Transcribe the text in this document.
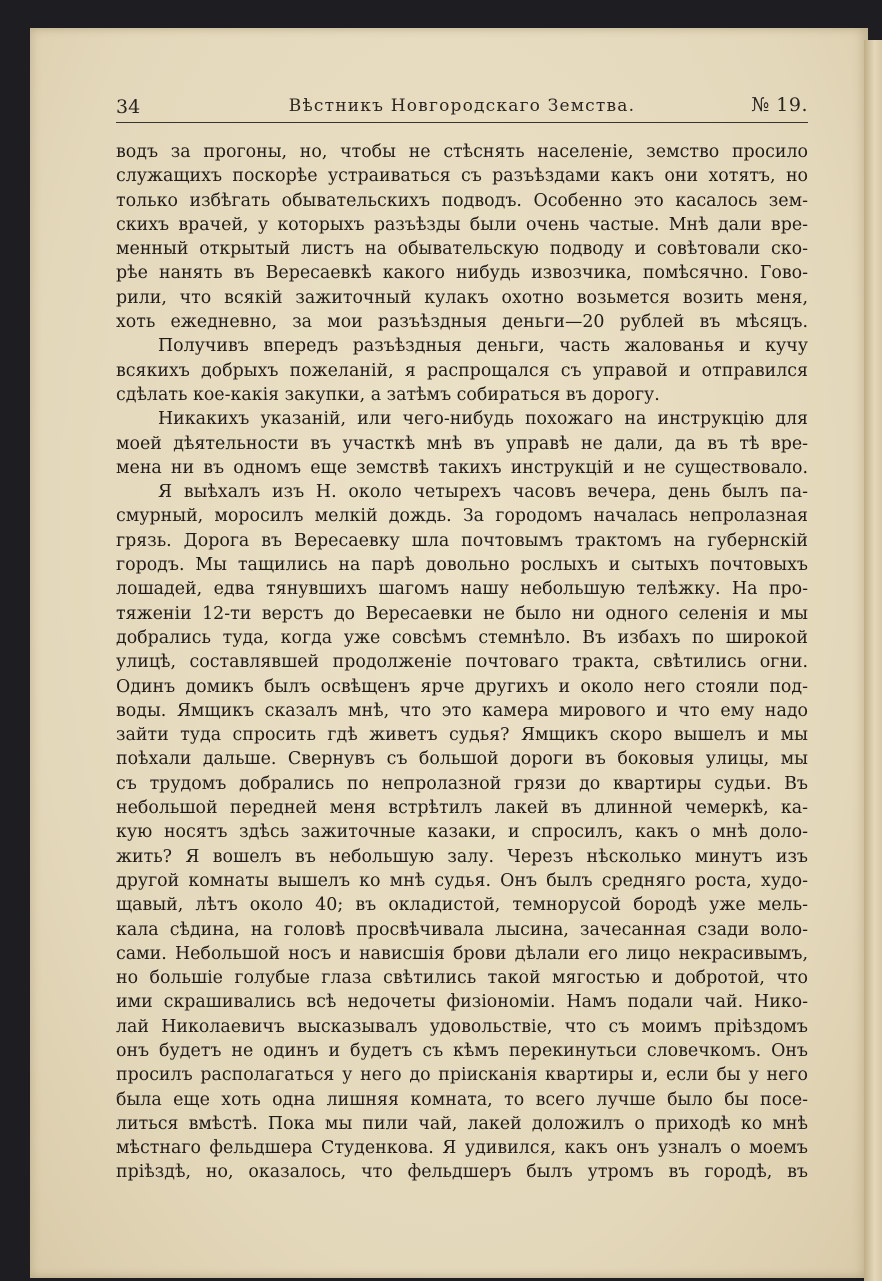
34	Вѣстникъ Новгородскаго Земства.	№ 19.
водъ за прогоны, но, чтобы не стѣснять населеніе, земство просило
служащихъ поскорѣе устраиваться съ разъѣздами какъ они хотятъ, но
только избѣгать обывательскихъ подводъ. Особенно это касалось зем-
скихъ врачей, у которыхъ разъѣзды были очень частые. Мнѣ дали вре-
менный открытый листъ на обывательскую подводу и совѣтовали ско-
рѣе нанять въ Вересаевкѣ какого нибудь извозчика, помѣсячно. Гово-
рили, что всякій зажиточный кулакъ охотно возьмется возить меня,
хоть ежедневно, за мои разъѣздныя деньги—20 рублей въ мѣсяцъ.
Получивъ впередъ разъѣздныя деньги, часть жалованья и кучу
всякихъ добрыхъ пожеланій, я распрощался съ управой и отправился
сдѣлать кое-какія закупки, а затѣмъ собираться въ дорогу.
Никакихъ указаній, или чего-нибудь похожаго на инструкцію для
моей дѣятельности въ участкѣ мнѣ въ управѣ не дали, да въ тѣ вре-
мена ни въ одномъ еще земствѣ такихъ инструкцій и не существовало.
Я выѣхалъ изъ Н. около четырехъ часовъ вечера, день былъ па-
смурный, моросилъ мелкій дождь. За городомъ началась непролазная
грязь. Дорога въ Вересаевку шла почтовымъ трактомъ на губернскій
городъ. Мы тащились на парѣ довольно рослыхъ и сытыхъ почтовыхъ
лошадей, едва тянувшихъ шагомъ нашу небольшую телѣжку. На про-
тяженіи 12-ти верстъ до Вересаевки не было ни одного селенія и мы
добрались туда, когда уже совсѣмъ стемнѣло. Въ избахъ по широкой
улицѣ, составлявшей продолженіе почтоваго тракта, свѣтились огни.
Одинъ домикъ былъ освѣщенъ ярче другихъ и около него стояли под-
воды. Ямщикъ сказалъ мнѣ, что это камера мирового и что ему надо
зайти туда спросить гдѣ живетъ судья? Ямщикъ скоро вышелъ и мы
поѣхали дальше. Свернувъ съ большой дороги въ боковыя улицы, мы
съ трудомъ добрались по непролазной грязи до квартиры судьи. Въ
небольшой передней меня встрѣтилъ лакей въ длинной чемеркѣ, ка-
кую носятъ здѣсь зажиточные казаки, и спросилъ, какъ о мнѣ доло-
жить? Я вошелъ въ небольшую залу. Черезъ нѣсколько минутъ изъ
другой комнаты вышелъ ко мнѣ судья. Онъ былъ средняго роста, худо-
щавый, лѣтъ около 40; въ окладистой, темнорусой бородѣ уже мель-
кала сѣдина, на головѣ просвѣчивала лысина, зачесанная сзади воло-
сами. Небольшой носъ и нависшія брови дѣлали его лицо некрасивымъ,
но большіе голубые глаза свѣтились такой мягостью и добротой, что
ими скрашивались всѣ недочеты физіономіи. Намъ подали чай. Нико-
лай Николаевичъ высказывалъ удовольствіе, что съ моимъ пріѣздомъ
онъ будетъ не одинъ и будетъ съ кѣмъ перекинутьси словечкомъ. Онъ
просилъ располагаться у него до пріисканія квартиры и, если бы у него
была еще хоть одна лишняя комната, то всего лучше было бы посе-
литься вмѣстѣ. Пока мы пили чай, лакей доложилъ о приходѣ ко мнѣ
мѣстнаго фельдшера Студенкова. Я удивился, какъ онъ узналъ о моемъ
пріѣздѣ, но, оказалось, что фельдшеръ былъ утромъ въ городѣ, въ
